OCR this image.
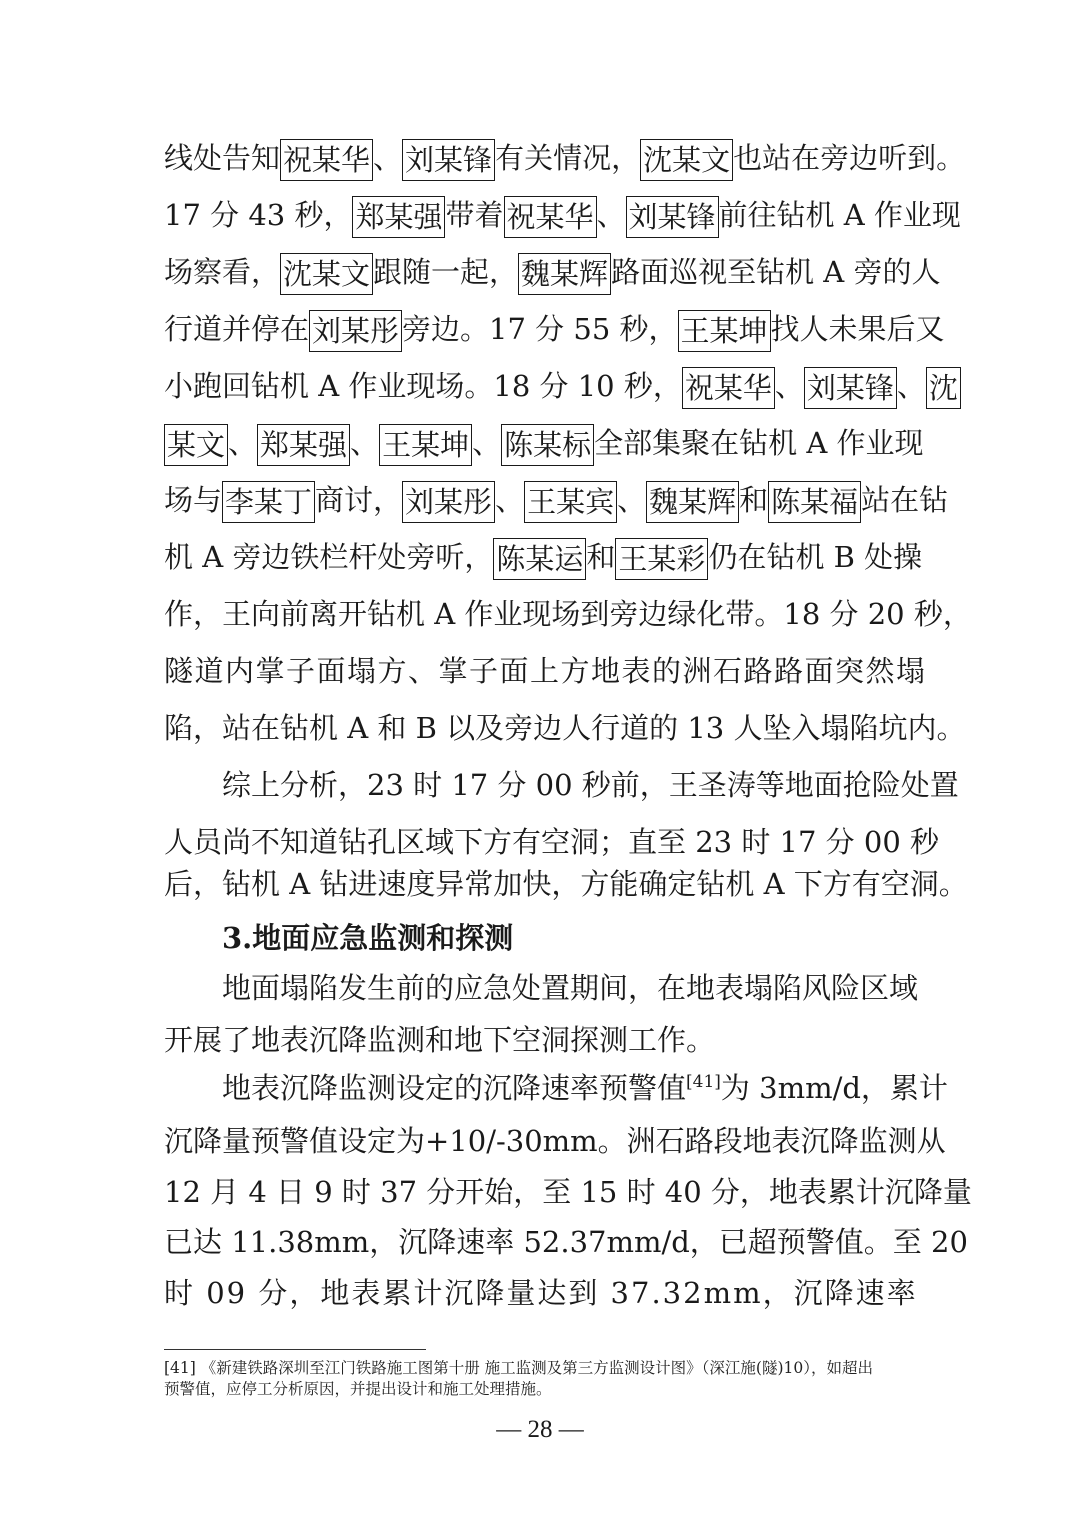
线处告知 祝某华 、 刘某锋 有关情况， 沈某文 也站在旁边听到。
17 分 43 秒， 郑某强 带着 祝某华 、 刘某锋 前往钻机 A 作业现
场察看， 沈某文 跟随一起， 魏某辉 路面巡视至钻机 A 旁的人
行道并停在 刘某彤 旁边。17 分 55 秒， 王某坤 找人未果后又
小跑回钻机 A 作业现场。18 分 10 秒， 祝某华 、 刘某锋 、 沈
某文 、 郑某强 、 王某坤 、 陈某标 全部集聚在钻机 A 作业现
场与 李某丁 商讨， 刘某彤 、 王某宾 、 魏某辉 和 陈某福 站在钻
机 A 旁边铁栏杆处旁听， 陈某运 和 王某彩 仍在钻机 B 处操
作，王向前离开钻机 A 作业现场到旁边绿化带。18 分 20 秒，
隧道内掌子面塌方、掌子面上方地表的洲石路路面突然塌
陷，站在钻机 A 和 B 以及旁边人行道的 13 人坠入塌陷坑内。
综上分析，23 时 17 分 00 秒前，王圣涛等地面抢险处置
人员尚不知道钻孔区域下方有空洞；直至 23 时 17 分 00 秒
后，钻机 A 钻进速度异常加快，方能确定钻机 A 下方有空洞。
3.地面应急监测和探测
地面塌陷发生前的应急处置期间，在地表塌陷风险区域
开展了地表沉降监测和地下空洞探测工作。
地表沉降监测设定的沉降速率预警值[41]为 3mm/d，累计
沉降量预警值设定为+10/-30mm。洲石路段地表沉降监测从
12 月 4 日 9 时 37 分开始，至 15 时 40 分，地表累计沉降量
已达 11.38mm，沉降速率 52.37mm/d，已超预警值。至 20
时 09 分，地表累计沉降量达到 37.32mm，沉降速率
[41] 《新建铁路深圳至江门铁路施工图第十册 施工监测及第三方监测设计图》（深江施(隧)10），如超出
预警值，应停工分析原因，并提出设计和施工处理措施。
— 28 —
